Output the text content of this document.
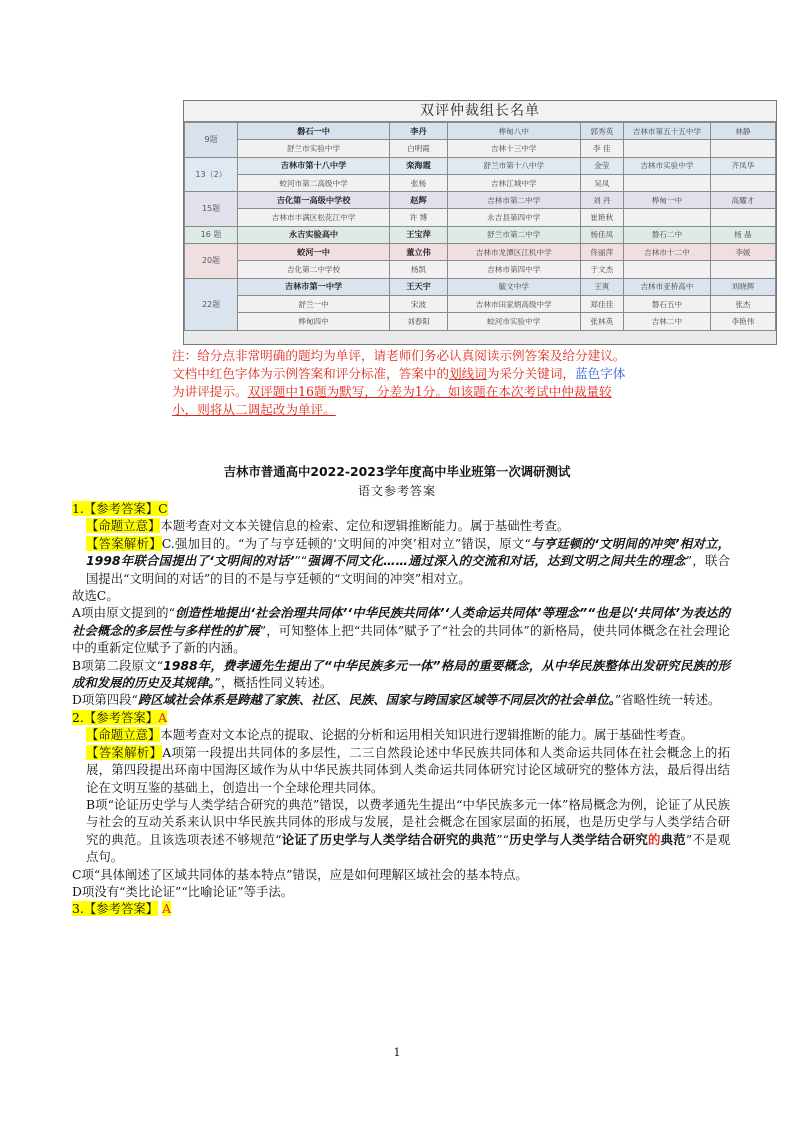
双评仲裁组长名单
9题	磐石一中	李丹	桦甸八中	郭秀英	吉林市第五十五中学	林静
	舒兰市实验中学	白明霞	吉林十三中学	李 佳		
13（2）	吉林市第十八中学	栾海霞	舒兰市第十八中学	金莹	吉林市实验中学	齐凤华
	蛟河市第二高级中学	张杨	吉林江城中学	吴凤		
15题	吉化第一高级中学校	赵辉	吉林市第二中学	刘 丹	桦甸一中	高耀才
	吉林市丰满区松花江中学	许 博	永吉县第四中学	崔艳秋		
16 题	永吉实验高中	王宝萍	舒兰市第二中学	杨佳凤	磐石二中	杨 晶
20题	蛟河一中	董立伟	吉林市龙潭区江机中学	佟丽萍	吉林市十二中	李媛
	吉化第二中学校	杨凯	吉林市第四中学	于文杰		
22题	吉林市第一中学	王天宇	毓文中学	王爽	吉林市亚桥高中	刘晓辉
	舒兰一中	宋波	吉林市田家炳高级中学	郑佳佳	磐石五中	张杰
	桦甸四中	刘春阳	蛟河市实验中学	张林英	吉林二中	李艳伟
注：给分点非常明确的题均为单评，请老师们务必认真阅读示例答案及给分建议。文档中红色字体为示例答案和评分标准，答案中的划线词为采分关键词，蓝色字体为讲评提示。双评题中16题为默写，分差为1分。如该题在本次考试中仲裁量较小，则将从二调起改为单评。
吉林市普通高中2022-2023学年度高中毕业班第一次调研测试
语文参考答案

1.【参考答案】C

【命题立意】本题考查对文本关键信息的检索、定位和逻辑推断能力。属于基础性考查。

【答案解析】C.强加目的。“为了与亨廷顿的‘文明间的冲突’相对立”错误，原文“与亨廷顿的‘文明间的冲突’相对立，1998年联合国提出了‘文明间的对话’”“强调不同文化……通过深入的交流和对话，达到文明之间共生的理念”，联合国提出“文明间的对话”的目的不是与亨廷顿的“文明间的冲突”相对立。

故选C。

A项由原文提到的“创造性地提出‘社会治理共同体’‘中华民族共同体’‘人类命运共同体’等理念”“也是以‘共同体’为表达的社会概念的多层性与多样性的扩展”，可知整体上把“共同体”赋予了“社会的共同体”的新格局，使共同体概念在社会理论中的重新定位赋予了新的内涵。

B项第二段原文“1988年，费孝通先生提出了“中华民族多元一体”格局的重要概念，从中华民族整体出发研究民族的形成和发展的历史及其规律。”，概括性同义转述。

D项第四段“跨区域社会体系是跨越了家族、社区、民族、国家与跨国家区域等不同层次的社会单位。”省略性统一转述。

2.【参考答案】A

【命题立意】本题考查对文本论点的提取、论据的分析和运用相关知识进行逻辑推断的能力。属于基础性考查。

【答案解析】A项第一段提出共同体的多层性，二三自然段论述中华民族共同体和人类命运共同体在社会概念上的拓展，第四段提出环南中国海区域作为从中华民族共同体到人类命运共同体研究讨论区域研究的整体方法，最后得出结论在文明互鉴的基础上，创造出一个全球伦理共同体。

B项“论证历史学与人类学结合研究的典范”错误，以费孝通先生提出“中华民族多元一体”格局概念为例，论证了从民族与社会的互动关系来认识中华民族共同体的形成与发展，是社会概念在国家层面的拓展，也是历史学与人类学结合研究的典范。且该选项表述不够规范“论证了历史学与人类学结合研究的典范”“历史学与人类学结合研究的典范”不是观点句。

C项“具体阐述了区域共同体的基本特点”错误，应是如何理解区域社会的基本特点。

D项没有“类比论证”“比喻论证”等手法。

3.【参考答案】 A

1
